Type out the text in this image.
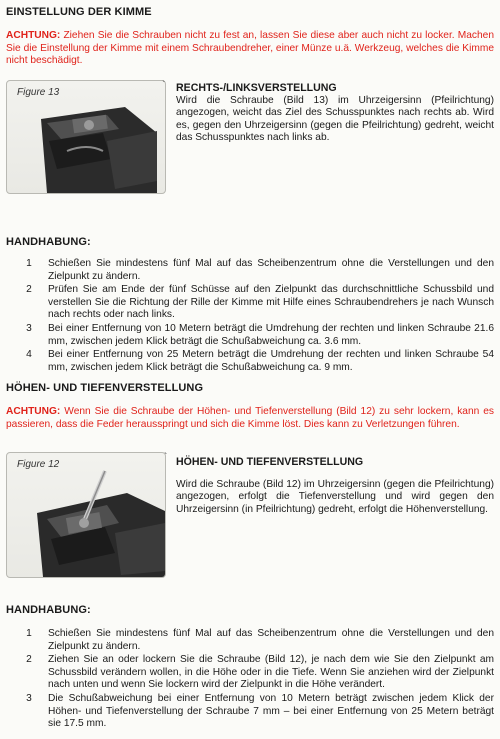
EINSTELLUNG DER KIMME
ACHTUNG: Ziehen Sie die Schrauben nicht zu fest an, lassen Sie diese aber auch nicht zu locker. Machen Sie die Einstellung der Kimme mit einem Schraubendreher, einer Münze u.ä. Werkzeug, welches die Kimme nicht beschädigt.
Figure 13
` RECHTS-/LINKSVERSTELLUNG
Wird die Schraube (Bild 13) im Uhrzeigersinn (Pfeilrichtung) angezogen, weicht das Ziel des Schusspunktes nach rechts ab. Wird es, gegen den Uhrzeigersinn (gegen die Pfeilrichtung) gedreht, weicht das Schusspunktes nach links ab.
HANDHABUNG:
1 Schießen Sie mindestens fünf Mal auf das Scheibenzentrum ohne die Verstellungen und den Zielpunkt zu ändern.
2 Prüfen Sie am Ende der fünf Schüsse auf den Zielpunkt das durchschnittliche Schussbild und verstellen Sie die Richtung der Rille der Kimme mit Hilfe eines Schraubendrehers je nach Wunsch nach rechts oder nach links.
3 Bei einer Entfernung von 10 Metern beträgt die Umdrehung der rechten und linken Schraube 21.6 mm, zwischen jedem Klick beträgt die Schußabweichung ca. 3.6 mm.
4 Bei einer Entfernung von 25 Metern beträgt die Umdrehung der rechten und linken Schraube 54 mm, zwischen jedem Klick beträgt die Schußabweichung ca. 9 mm.
HÖHEN- UND TIEFENVERSTELLUNG
ACHTUNG: Wenn Sie die Schraube der Höhen- und Tiefenverstellung (Bild 12) zu sehr lockern, kann es passieren, dass die Feder herausspringt und sich die Kimme löst. Dies kann zu Verletzungen führen.
Figure 12
` HÖHEN- UND TIEFENVERSTELLUNG
Wird die Schraube (Bild 12) im Uhrzeigersinn (gegen die Pfeilrichtung) angezogen, erfolgt die Tiefenverstellung und wird gegen den Uhrzeigersinn (in Pfeilrichtung) gedreht, erfolgt die Höhenverstellung.
HANDHABUNG:
1 Schießen Sie mindestens fünf Mal auf das Scheibenzentrum ohne die Verstellungen und den Zielpunkt zu ändern.
2 Ziehen Sie an oder lockern Sie die Schraube (Bild 12), je nach dem wie Sie den Zielpunkt am Schussbild verändern wollen, in die Höhe oder in die Tiefe. Wenn Sie anziehen wird der Zielpunkt nach unten und wenn Sie lockern wird der Zielpunkt in die Höhe verändert.
3 Die Schußabweichung bei einer Entfernung von 10 Metern beträgt zwischen jedem Klick der Höhen- und Tiefenverstellung der Schraube 7 mm – bei einer Entfernung von 25 Metern beträgt sie 17.5 mm.
